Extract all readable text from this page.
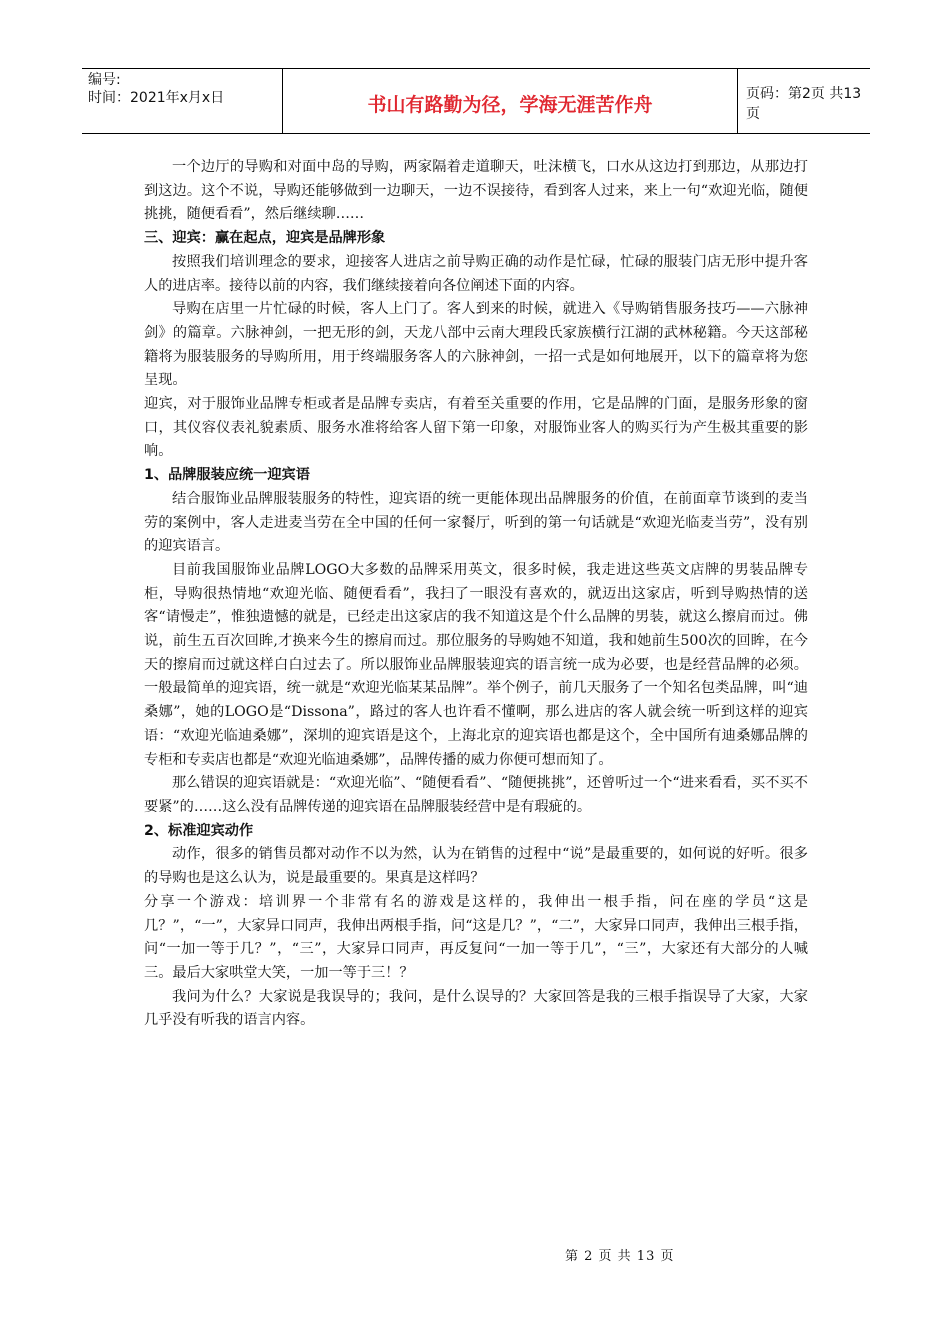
编号:
时间：2021年x月x日	书山有路勤为径，学海无涯苦作舟	页码：第2页 共13页

一个边厅的导购和对面中岛的导购，两家隔着走道聊天，吐沫横飞，口水从这边打到那边，从那边打到这边。这个不说，导购还能够做到一边聊天，一边不误接待，看到客人过来，来上一句“欢迎光临，随便挑挑，随便看看”，然后继续聊……

三、迎宾：赢在起点，迎宾是品牌形象

按照我们培训理念的要求，迎接客人进店之前导购正确的动作是忙碌，忙碌的服装门店无形中提升客人的进店率。接待以前的内容，我们继续接着向各位阐述下面的内容。

导购在店里一片忙碌的时候，客人上门了。客人到来的时候，就进入《导购销售服务技巧——六脉神剑》的篇章。六脉神剑，一把无形的剑，天龙八部中云南大理段氏家族横行江湖的武林秘籍。今天这部秘籍将为服装服务的导购所用，用于终端服务客人的六脉神剑，一招一式是如何地展开，以下的篇章将为您呈现。

迎宾，对于服饰业品牌专柜或者是品牌专卖店，有着至关重要的作用，它是品牌的门面，是服务形象的窗口，其仪容仪表礼貌素质、服务水准将给客人留下第一印象，对服饰业客人的购买行为产生极其重要的影响。

1、品牌服装应统一迎宾语

结合服饰业品牌服装服务的特性，迎宾语的统一更能体现出品牌服务的价值，在前面章节谈到的麦当劳的案例中，客人走进麦当劳在全中国的任何一家餐厅，听到的第一句话就是“欢迎光临麦当劳”，没有别的迎宾语言。

目前我国服饰业品牌LOGO大多数的品牌采用英文，很多时候，我走进这些英文店牌的男装品牌专柜，导购很热情地“欢迎光临、随便看看”，我扫了一眼没有喜欢的，就迈出这家店，听到导购热情的送客“请慢走”，惟独遗憾的就是，已经走出这家店的我不知道这是个什么品牌的男装，就这么擦肩而过。佛说，前生五百次回眸,才换来今生的擦肩而过。那位服务的导购她不知道，我和她前生500次的回眸，在今天的擦肩而过就这样白白过去了。所以服饰业品牌服装迎宾的语言统一成为必要，也是经营品牌的必须。一般最简单的迎宾语，统一就是“欢迎光临某某品牌”。举个例子，前几天服务了一个知名包类品牌，叫“迪桑娜”，她的LOGO是“Dissona”，路过的客人也许看不懂啊，那么进店的客人就会统一听到这样的迎宾语：“欢迎光临迪桑娜”，深圳的迎宾语是这个，上海北京的迎宾语也都是这个，全中国所有迪桑娜品牌的专柜和专卖店也都是“欢迎光临迪桑娜”，品牌传播的威力你便可想而知了。

那么错误的迎宾语就是：“欢迎光临”、“随便看看”、“随便挑挑”，还曾听过一个“进来看看，买不买不要紧”的……这么没有品牌传递的迎宾语在品牌服装经营中是有瑕疵的。

2、标准迎宾动作

动作，很多的销售员都对动作不以为然，认为在销售的过程中“说”是最重要的，如何说的好听。很多的导购也是这么认为，说是最重要的。果真是这样吗？

分享一个游戏：培训界一个非常有名的游戏是这样的，我伸出一根手指，问在座的学员“这是几？”，“一”，大家异口同声，我伸出两根手指，问“这是几？”，“二”，大家异口同声，我伸出三根手指，问“一加一等于几？”，“三”，大家异口同声，再反复问“一加一等于几”，“三”，大家还有大部分的人喊三。最后大家哄堂大笑，一加一等于三！？

我问为什么？大家说是我误导的；我问，是什么误导的？大家回答是我的三根手指误导了大家，大家几乎没有听我的语言内容。

第 2 页 共 13 页
